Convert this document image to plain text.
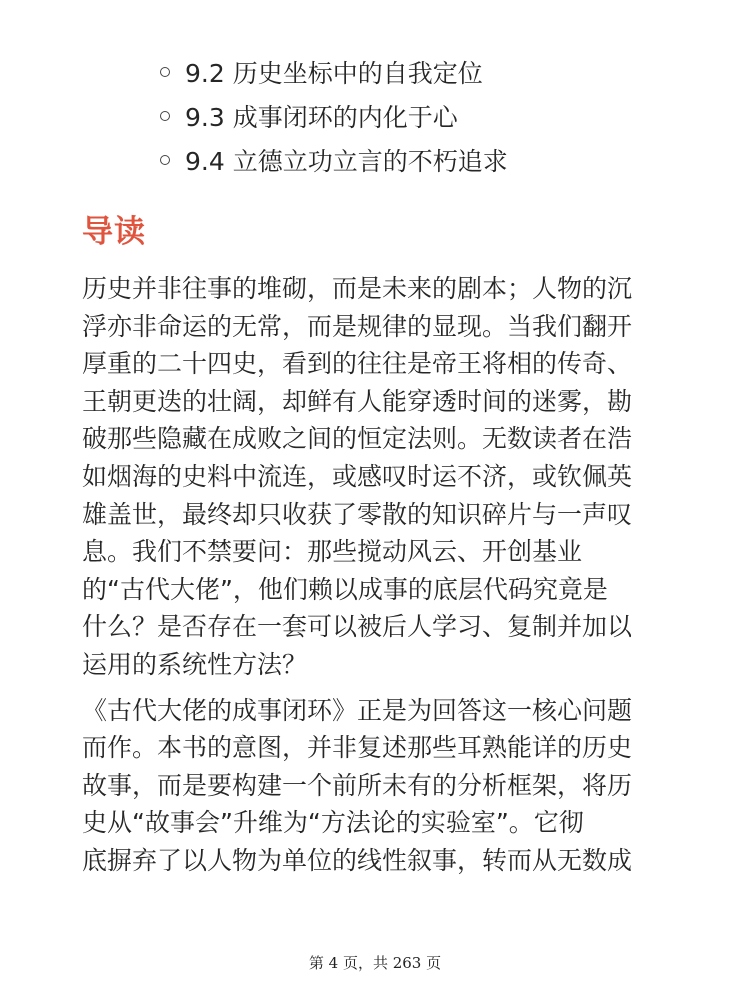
9.2 历史坐标中的自我定位
9.3 成事闭环的内化于心
9.4 立德立功立言的不朽追求
导读

历史并非往事的堆砌，而是未来的剧本；人物的沉
浮亦非命运的无常，而是规律的显现。当我们翻开
厚重的二十四史，看到的往往是帝王将相的传奇、
王朝更迭的壮阔，却鲜有人能穿透时间的迷雾，勘
破那些隐藏在成败之间的恒定法则。无数读者在浩
如烟海的史料中流连，或感叹时运不济，或钦佩英
雄盖世，最终却只收获了零散的知识碎片与一声叹
息。我们不禁要问：那些搅动风云、开创基业
的“古代大佬”，他们赖以成事的底层代码究竟是
什么？是否存在一套可以被后人学习、复制并加以
运用的系统性方法？

《古代大佬的成事闭环》正是为回答这一核心问题
而作。本书的意图，并非复述那些耳熟能详的历史
故事，而是要构建一个前所未有的分析框架，将历
史从“故事会”升维为“方法论的实验室”。它彻
底摒弃了以人物为单位的线性叙事，转而从无数成

第 4 页，共 263 页
